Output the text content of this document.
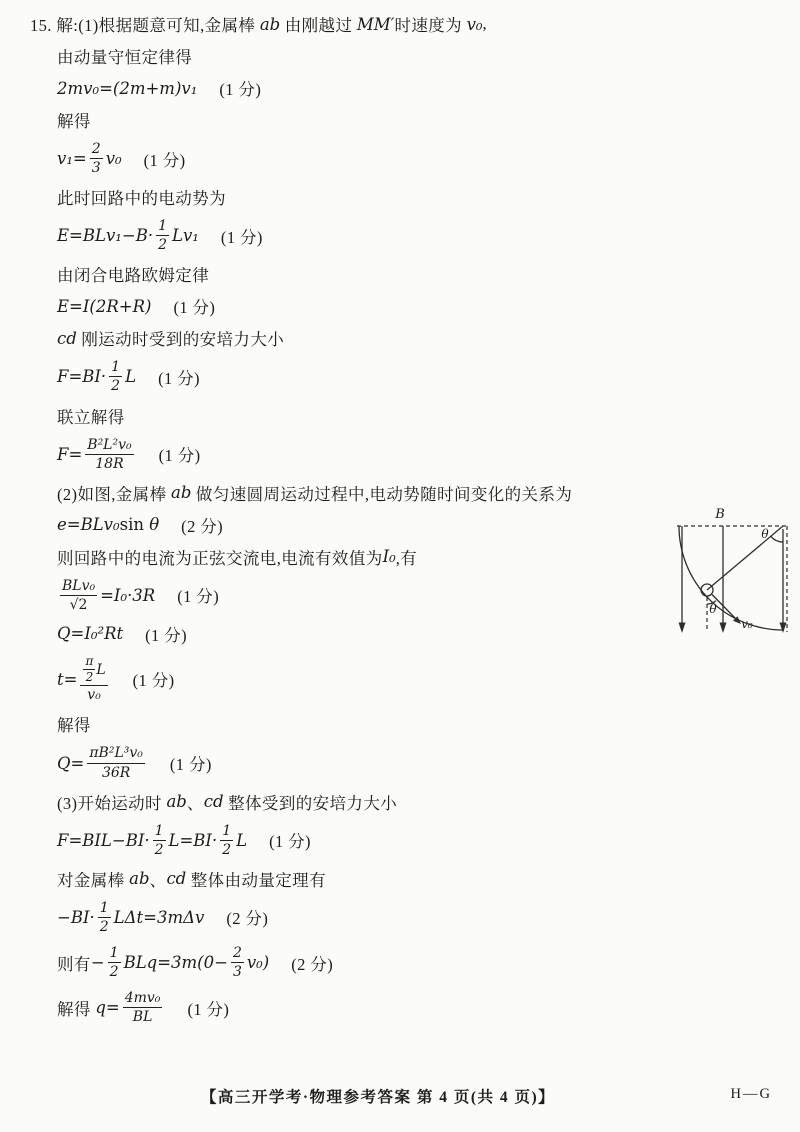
15. 解:(1)根据题意可知,金属棒 ab 由刚越过 MM′ 时速度为 v₀ ,
由动量守恒定律得
2mv₀=(2m+m)v₁ (1 分)
解得
$v_1= \frac{2}{3} v_0$ (1 分)
此时回路中的电动势为
$E=BLv_1-B\cdot \frac{1}{2} Lv_1$ (1 分)
由闭合电路欧姆定律
E=I(2R+R) (1 分)
cd 刚运动时受到的安培力大小
$F=BI\cdot \frac{1}{2}$ L (1 分)
联立解得
$F= \frac{\text{B²L²v₀}}{18R} (1$ 分)
(2)如图,金属棒 ab 做匀速圆周运动过程中,电动势随时间变化的关系为
e=BLv₀ sin θ (2 分)
则回路中的电流为正弦交流电,电流有效值为 I₀ ,有
BLv₀
√2 =I₀·3R (1 分)
Q=I₀²Rt (1 分)
$t= \frac{\frac{\pi}{2} L}{\text{v₀}} (1$ 分)
解得
$Q= \frac{\text{πB²L³v₀}}{36R} (1$ 分)
(3)开始运动时 ab 、 cd 整体受到的安培力大小
$F=BIL-BI\cdot \frac{1}{2} L=BI\cdot \frac{1}{2}$ L (1 分)
对金属棒 ab 、 cd 整体由动量定理有
$-BI\cdot \frac{1}{2} L\Delta t=3m\Delta v$ (2 分)
则有 − $\frac{1}{2} BLq=3m(0- \frac{2}{3} v_0)$ (2 分)
解得 $q= \frac{\text{4mv₀}}{BL} (1$ 分)
B
θ
θ
v₀
【高三开学考·物理参考答案 第 4 页(共 4 页)】	H—G
